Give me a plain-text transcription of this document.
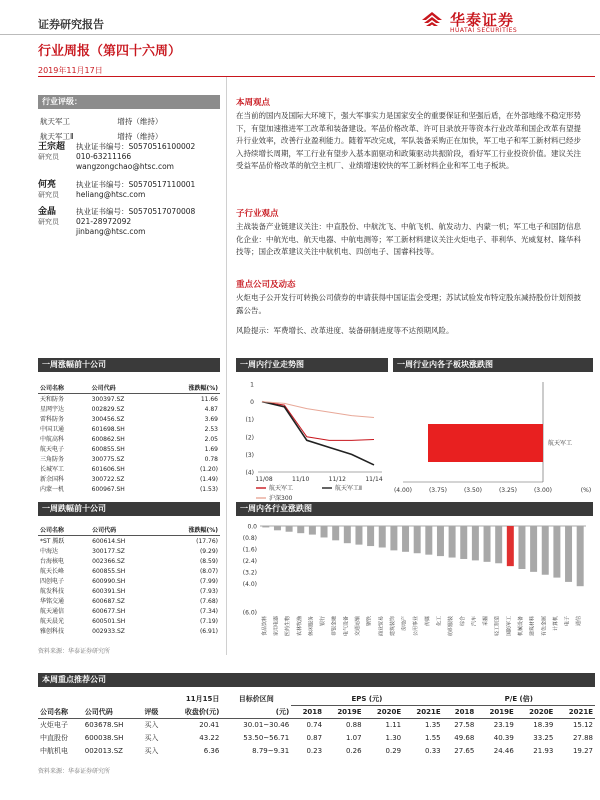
证券研究报告	华泰证券
HUATAI SECURITIES
行业周报（第四十六周）
2019年11月17日
行业评级：
航天军工	增持（维持）
航天军工Ⅱ	增持（维持）
王宗超
研究员
执业证书编号：S0570516100002
010-63211166
wangzongchao@htsc.com
何亮
研究员
执业证书编号：S0570517110001
heliang@htsc.com
金晶
研究员
执业证书编号：S0570517070008
021-28972092
jinbang@htsc.com
本周观点
在当前的国内及国际大环境下，强大军事实力是国家安全的重要保证和坚强后盾，在外部地缘不稳定形势下，有望加速推进军工改革和装备建设。军品价格改革、许可目录放开等资本行业改革和国企改革有望提升行业效率，改善行业盈利能力。随着军改完成，军队装备采购正在加快，军工电子和军工新材料已经步入持续增长周期，军工行业有望步入基本面驱动和政策驱动共振阶段，看好军工行业投资价值。建议关注受益军品价格改革的航空主机厂、业绩增速较快的军工新材料企业和军工电子板块。
子行业观点
主战装备产业链建议关注：中直股份、中航沈飞、中航飞机、航发动力、内蒙一机；军工电子和国防信息化企业：中航光电、航天电器、中航电测等；军工新材料建议关注火炬电子、菲利华、光威复材、隆华科技等；国企改革建议关注中航机电、四创电子、国睿科技等。
重点公司及动态
火炬电子公开发行可转换公司债券的申请获得中国证监会受理；苏试试验发布特定股东减持股份计划预披露公告。
风险提示：军费增长、改革进度、装备研制进度等不达预期风险。
一周涨幅前十公司
公司名称	公司代码	涨跌幅(%)
天和防务	300397.SZ	11.66
星网宇达	002829.SZ	4.87
雷科防务	300456.SZ	3.69
中国卫通	601698.SH	2.53
中航高科	600862.SH	2.05
航天电子	600855.SH	1.69
三角防务	300775.SZ	0.78
长城军工	601606.SH	(1.20)
新余国科	300722.SZ	(1.49)
内蒙一机	600967.SH	(1.53)
一周跌幅前十公司
公司名称	公司代码	涨跌幅(%)
*ST 腾跃	600614.SH	(17.76)
中海达	300177.SZ	(9.29)
台海核电	002366.SZ	(8.59)
航天长峰	600855.SH	(8.07)
四创电子	600990.SH	(7.99)
航发科技	600391.SH	(7.93)
华铭交通	600687.SZ	(7.68)
航天通信	600677.SH	(7.34)
航天晨光	600501.SH	(7.19)
雅创科技	002933.SZ	(6.91)
资料来源：华泰证券研究所
一周内行业走势图
1
0
(1)
(2)
(3)
(4)
11/08	11/10	11/12	11/14
航天军工	航天军工Ⅱ
沪深300
一周行业内各子板块涨跌图
(4.00)	(3.75)	(3.50)	(3.25)	(3.00)	(%)
航天军工
一周内各行业涨跌图
0.0
(0.8)
(1.6)
(2.4)
(3.2)
(4.0)
(6.0)
食品饮料 家用电器 医药生物 农林牧渔 休闲服务 银行 非银金融 电气设备 交通运输 钢铁 商业贸易 建筑装饰 房地产 公用事业 传媒 化工 纺织服装 综合 汽车 采掘 轻工制造 国防军工 机械设备 建筑材料 有色金属 计算机 电子 通信
本周重点推荐公司
			11月15日	目标价区间	EPS (元)				P/E (倍)			
公司名称	公司代码	评级	收盘价(元)	(元)	2018	2019E	2020E	2021E	2018	2019E	2020E	2021E
火炬电子	603678.SH	买入	20.41	30.01~30.46	0.74	0.88	1.11	1.35	27.58	23.19	18.39	15.12
中直股份	600038.SH	买入	43.22	53.50~56.71	0.87	1.07	1.30	1.55	49.68	40.39	33.25	27.88
中航机电	002013.SZ	买入	6.36	8.79~9.31	0.23	0.26	0.29	0.33	27.65	24.46	21.93	19.27
资料来源：华泰证券研究所
